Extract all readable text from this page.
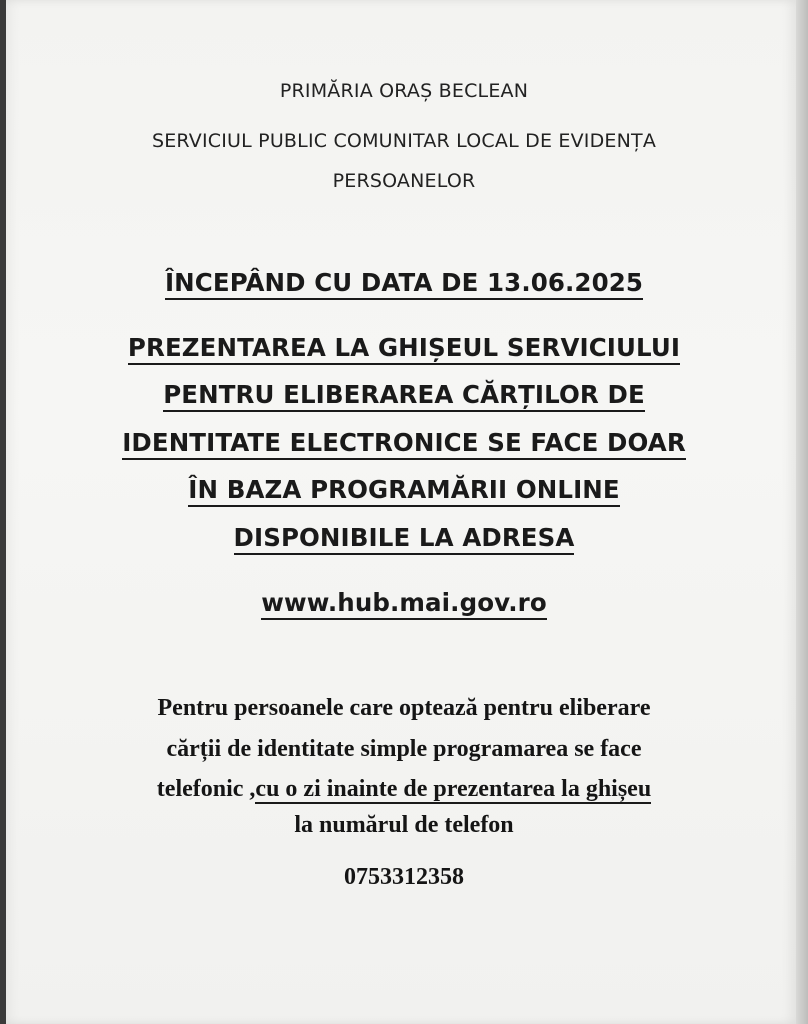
PRIMĂRIA ORAȘ BECLEAN
SERVICIUL PUBLIC COMUNITAR LOCAL DE EVIDENȚA
PERSOANELOR
ÎNCEPÂND CU DATA DE 13.06.2025
PREZENTAREA LA GHIȘEUL SERVICIULUI
PENTRU ELIBERAREA CĂRȚILOR DE
IDENTITATE ELECTRONICE SE FACE DOAR
ÎN BAZA PROGRAMĂRII ONLINE
DISPONIBILE LA ADRESA
www.hub.mai.gov.ro
Pentru persoanele care optează pentru eliberare
cărții de identitate simple programarea se face
telefonic ,cu o zi inainte de prezentarea la ghișeu
la numărul de telefon
0753312358
